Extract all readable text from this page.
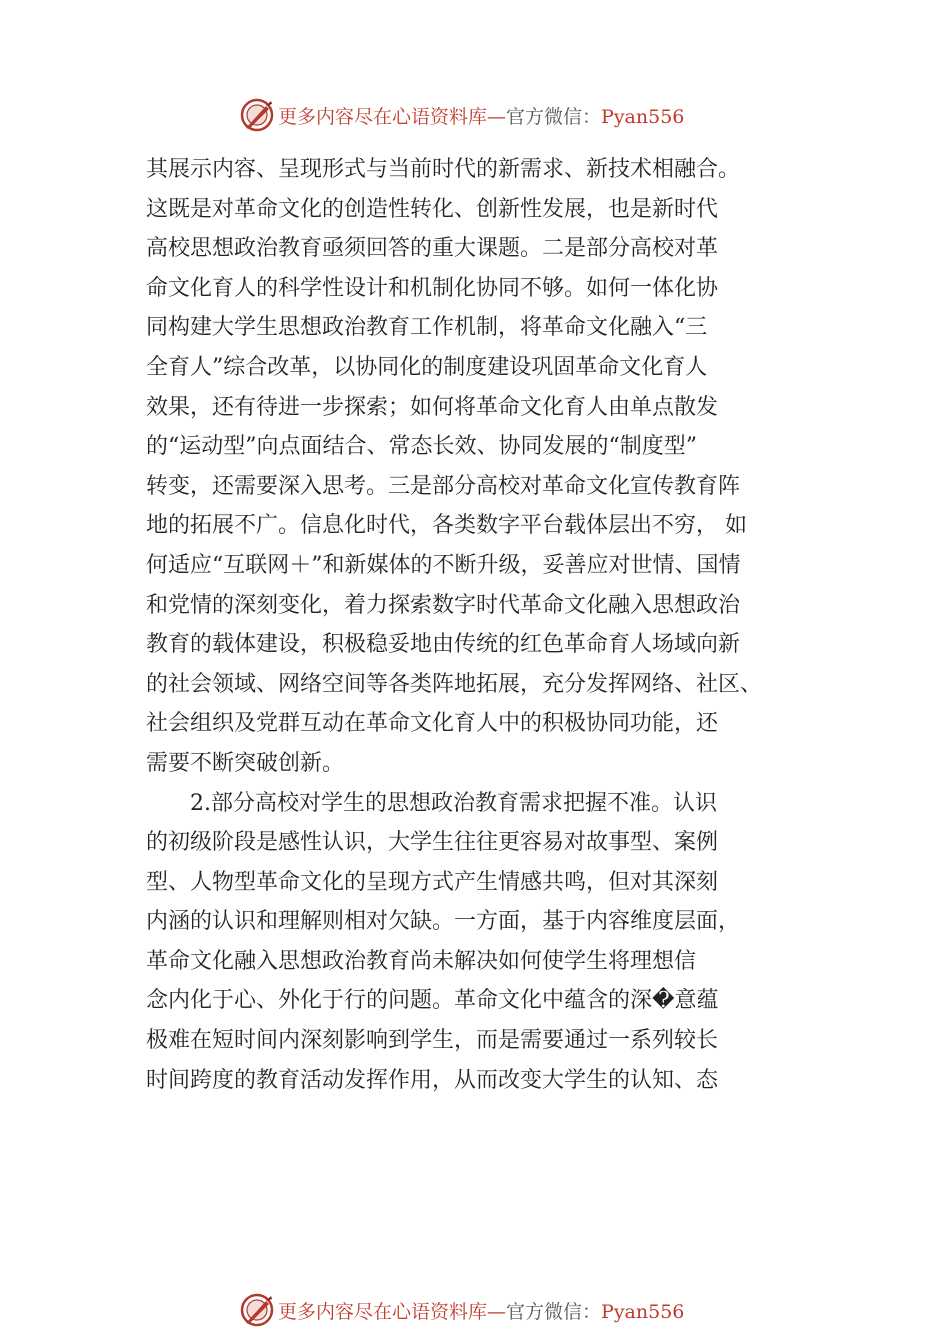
更多内容尽在心语资料库—官方微信：Pyan556
其展示内容、呈现形式与当前时代的新需求、新技术相融合。
这既是对革命文化的创造性转化、创新性发展，也是新时代
高校思想政治教育亟须回答的重大课题。二是部分高校对革
命文化育人的科学性设计和机制化协同不够。如何一体化协
同构建大学生思想政治教育工作机制，将革命文化融入“三
全育人”综合改革，以协同化的制度建设巩固革命文化育人
效果，还有待进一步探索；如何将革命文化育人由单点散发
的“运动型”向点面结合、常态长效、协同发展的“制度型”
转变，还需要深入思考。三是部分高校对革命文化宣传教育阵
地的拓展不广。信息化时代，各类数字平台载体层出不穷， 如
何适应“互联网＋”和新媒体的不断升级，妥善应对世情、国情
和党情的深刻变化，着力探索数字时代革命文化融入思想政治
教育的载体建设，积极稳妥地由传统的红色革命育人场域向新
的社会领域、网络空间等各类阵地拓展，充分发挥网络、社区、
社会组织及党群互动在革命文化育人中的积极协同功能，还
需要不断突破创新。
2.部分高校对学生的思想政治教育需求把握不准。认识
的初级阶段是感性认识，大学生往往更容易对故事型、案例
型、人物型革命文化的呈现方式产生情感共鸣，但对其深刻
内涵的认识和理解则相对欠缺。一方面，基于内容维度层面，
革命文化融入思想政治教育尚未解决如何使学生将理想信
念内化于心、外化于行的问题。革命文化中蕴含的深�意蕴
极难在短时间内深刻影响到学生，而是需要通过一系列较长
时间跨度的教育活动发挥作用，从而改变大学生的认知、态
更多内容尽在心语资料库—官方微信：Pyan556
